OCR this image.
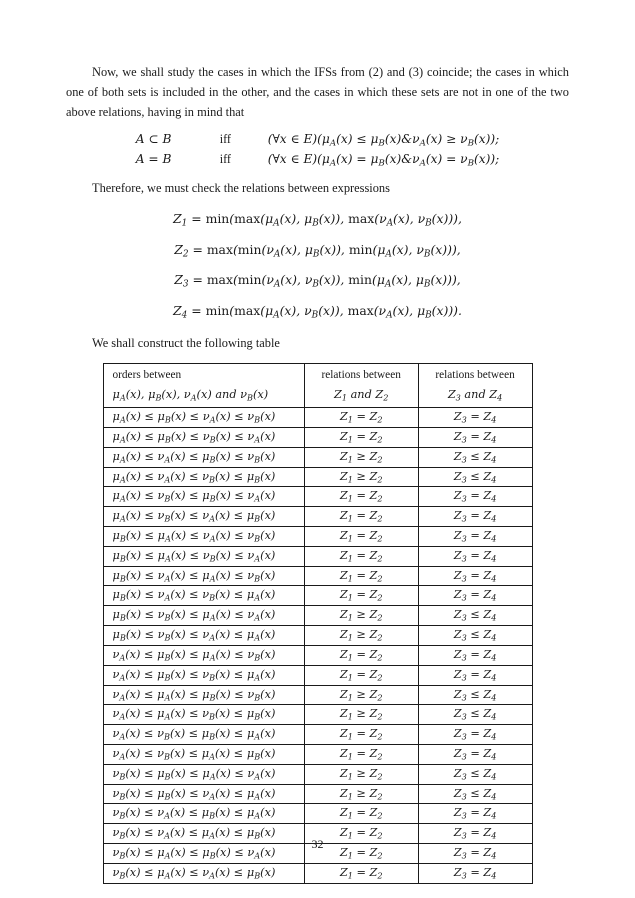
Now, we shall study the cases in which the IFSs from (2) and (3) coincide; the cases in which one of both sets is included in the other, and the cases in which these sets are not in one of the two above relations, having in mind that

A ⊂ B	iff	(∀x ∈ $E)(\mu_A(x)$ ≤ $\mu_B(x)\&\nu_A(x) \ge \nu_B(x)$);
A = B	iff	(∀x ∈ $E)(\mu_A(x)$ = $\mu_B(x)\&\nu_A(x) = \nu_B(x)$);

Therefore, we must check the relations between expressions

$Z_1 = \min(\max(\mu_A(x)$, $\mu_B(x)$), $\max(\nu_A(x)$, $\nu_B(x)$)),
$Z_2 = \max(\min(\nu_A(x)$, $\mu_B(x)$), $\min(\mu_A(x)$, $\nu_B(x)$)),
$Z_3 = \max(\min(\nu_A(x)$, $\nu_B(x)$), $\min(\mu_A(x)$, $\mu_B(x)$)),
$Z_4 = \min(\max(\mu_A(x)$, $\nu_B(x)$), $\max(\nu_A(x)$, $\mu_B(x)$)).

We shall construct the following table

orders between	relations between	relations between
$\mu_A(x)$, $\mu_B(x)$, $\nu_A(x)$ and $\nu_B(x)$	$Z_1$ and $Z_2$	$Z_3$ and $Z_4$
$\mu_A(x) \le \mu_B(x) \le \nu_A(x) \le \nu_B(x)$	$Z_1 = Z_2$	$Z_3 = Z_4$
$\mu_A(x) \le \mu_B(x) \le \nu_B(x) \le \nu_A(x)$	$Z_1 = Z_2$	$Z_3 = Z_4$
$\mu_A(x) \le \nu_A(x) \le \mu_B(x) \le \nu_B(x)$	$Z_1 \ge Z_2$	$Z_3 \le Z_4$
$\mu_A(x) \le \nu_A(x) \le \nu_B(x) \le \mu_B(x)$	$Z_1 \ge Z_2$	$Z_3 \le Z_4$
$\mu_A(x) \le \nu_B(x) \le \mu_B(x) \le \nu_A(x)$	$Z_1 = Z_2$	$Z_3 = Z_4$
$\mu_A(x) \le \nu_B(x) \le \nu_A(x) \le \mu_B(x)$	$Z_1 = Z_2$	$Z_3 = Z_4$
$\mu_B(x) \le \mu_A(x) \le \nu_A(x) \le \nu_B(x)$	$Z_1 = Z_2$	$Z_3 = Z_4$
$\mu_B(x) \le \mu_A(x) \le \nu_B(x) \le \nu_A(x)$	$Z_1 = Z_2$	$Z_3 = Z_4$
$\mu_B(x) \le \nu_A(x) \le \mu_A(x) \le \nu_B(x)$	$Z_1 = Z_2$	$Z_3 = Z_4$
$\mu_B(x) \le \nu_A(x) \le \nu_B(x) \le \mu_A(x)$	$Z_1 = Z_2$	$Z_3 = Z_4$
$\mu_B(x) \le \nu_B(x) \le \mu_A(x) \le \nu_A(x)$	$Z_1 \ge Z_2$	$Z_3 \le Z_4$
$\mu_B(x) \le \nu_B(x) \le \nu_A(x) \le \mu_A(x)$	$Z_1 \ge Z_2$	$Z_3 \le Z_4$
$\nu_A(x) \le \mu_B(x) \le \mu_A(x) \le \nu_B(x)$	$Z_1 = Z_2$	$Z_3 = Z_4$
$\nu_A(x) \le \mu_B(x) \le \nu_B(x) \le \mu_A(x)$	$Z_1 = Z_2$	$Z_3 = Z_4$
$\nu_A(x) \le \mu_A(x) \le \mu_B(x) \le \nu_B(x)$	$Z_1 \ge Z_2$	$Z_3 \le Z_4$
$\nu_A(x) \le \mu_A(x) \le \nu_B(x) \le \mu_B(x)$	$Z_1 \ge Z_2$	$Z_3 \le Z_4$
$\nu_A(x) \le \nu_B(x) \le \mu_B(x) \le \mu_A(x)$	$Z_1 = Z_2$	$Z_3 = Z_4$
$\nu_A(x) \le \nu_B(x) \le \mu_A(x) \le \mu_B(x)$	$Z_1 = Z_2$	$Z_3 = Z_4$
$\nu_B(x) \le \mu_B(x) \le \mu_A(x) \le \nu_A(x)$	$Z_1 \ge Z_2$	$Z_3 \le Z_4$
$\nu_B(x) \le \mu_B(x) \le \nu_A(x) \le \mu_A(x)$	$Z_1 \ge Z_2$	$Z_3 \le Z_4$
$\nu_B(x) \le \nu_A(x) \le \mu_B(x) \le \mu_A(x)$	$Z_1 = Z_2$	$Z_3 = Z_4$
$\nu_B(x) \le \nu_A(x) \le \mu_A(x) \le \mu_B(x)$	$Z_1 = Z_2$	$Z_3 = Z_4$
$\nu_B(x) \le \mu_A(x) \le \mu_B(x) \le \nu_A(x)$	$Z_1 = Z_2$	$Z_3 = Z_4$
$\nu_B(x) \le \mu_A(x) \le \nu_A(x) \le \mu_B(x)$	$Z_1 = Z_2$	$Z_3 = Z_4$
32
